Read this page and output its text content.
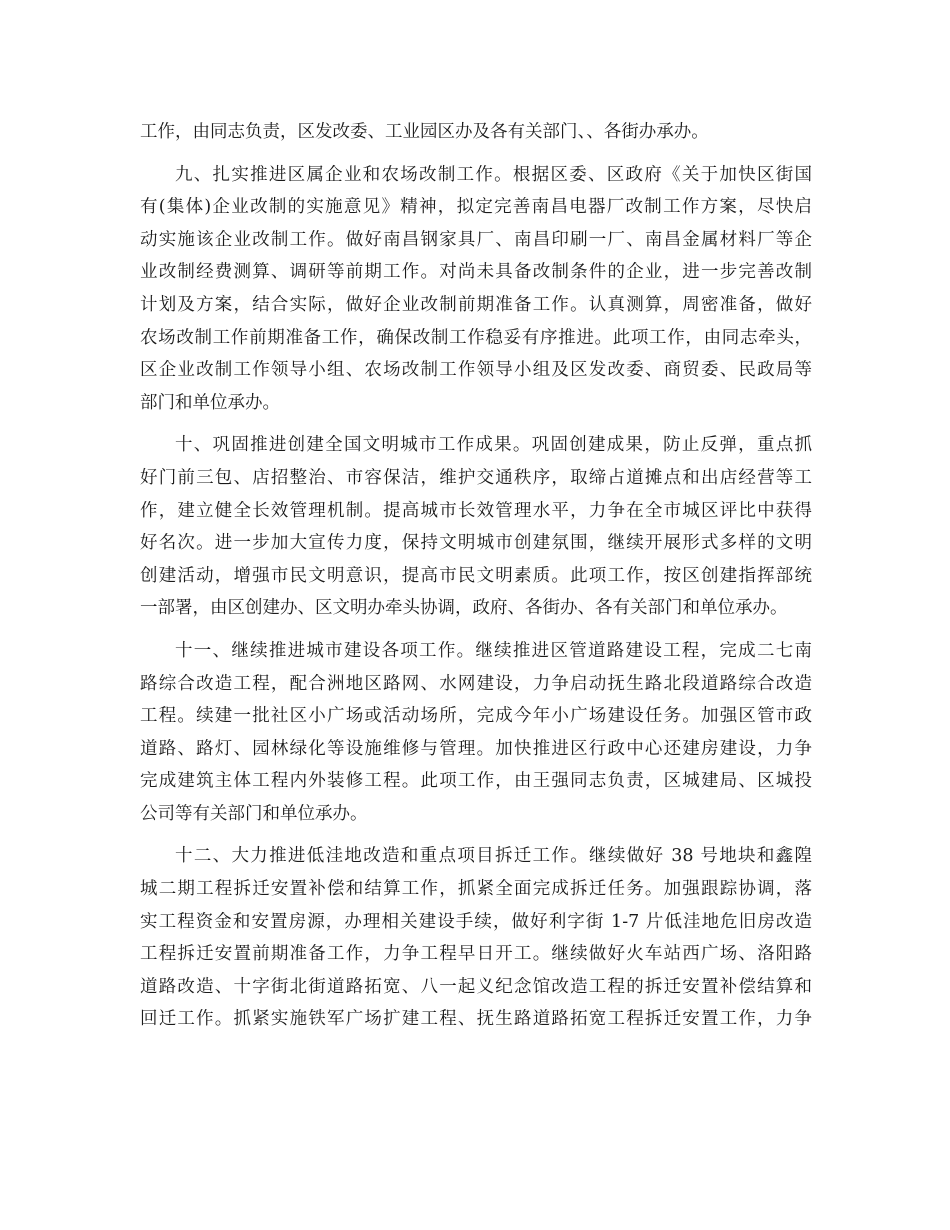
工作，由同志负责，区发改委、工业园区办及各有关部门、、各街办承办。
九、扎实推进区属企业和农场改制工作。根据区委、区政府《关于加快区街国
有(集体)企业改制的实施意见》精神，拟定完善南昌电器厂改制工作方案，尽快启
动实施该企业改制工作。做好南昌钢家具厂、南昌印刷一厂、南昌金属材料厂等企
业改制经费测算、调研等前期工作。对尚未具备改制条件的企业，进一步完善改制
计划及方案，结合实际，做好企业改制前期准备工作。认真测算，周密准备，做好
农场改制工作前期准备工作，确保改制工作稳妥有序推进。此项工作，由同志牵头，
区企业改制工作领导小组、农场改制工作领导小组及区发改委、商贸委、民政局等
部门和单位承办。
十、巩固推进创建全国文明城市工作成果。巩固创建成果，防止反弹，重点抓
好门前三包、店招整治、市容保洁，维护交通秩序，取缔占道摊点和出店经营等工
作，建立健全长效管理机制。提高城市长效管理水平，力争在全市城区评比中获得
好名次。进一步加大宣传力度，保持文明城市创建氛围，继续开展形式多样的文明
创建活动，增强市民文明意识，提高市民文明素质。此项工作，按区创建指挥部统
一部署，由区创建办、区文明办牵头协调，政府、各街办、各有关部门和单位承办。
十一、继续推进城市建设各项工作。继续推进区管道路建设工程，完成二七南
路综合改造工程，配合洲地区路网、水网建设，力争启动抚生路北段道路综合改造
工程。续建一批社区小广场或活动场所，完成今年小广场建设任务。加强区管市政
道路、路灯、园林绿化等设施维修与管理。加快推进区行政中心还建房建设，力争
完成建筑主体工程内外装修工程。此项工作，由王强同志负责，区城建局、区城投
公司等有关部门和单位承办。
十二、大力推进低洼地改造和重点项目拆迁工作。继续做好 38 号地块和鑫隍
城二期工程拆迁安置补偿和结算工作，抓紧全面完成拆迁任务。加强跟踪协调，落
实工程资金和安置房源，办理相关建设手续，做好利字街 1-7 片低洼地危旧房改造
工程拆迁安置前期准备工作，力争工程早日开工。继续做好火车站西广场、洛阳路
道路改造、十字街北街道路拓宽、八一起义纪念馆改造工程的拆迁安置补偿结算和
回迁工作。抓紧实施铁军广场扩建工程、抚生路道路拓宽工程拆迁安置工作，力争
